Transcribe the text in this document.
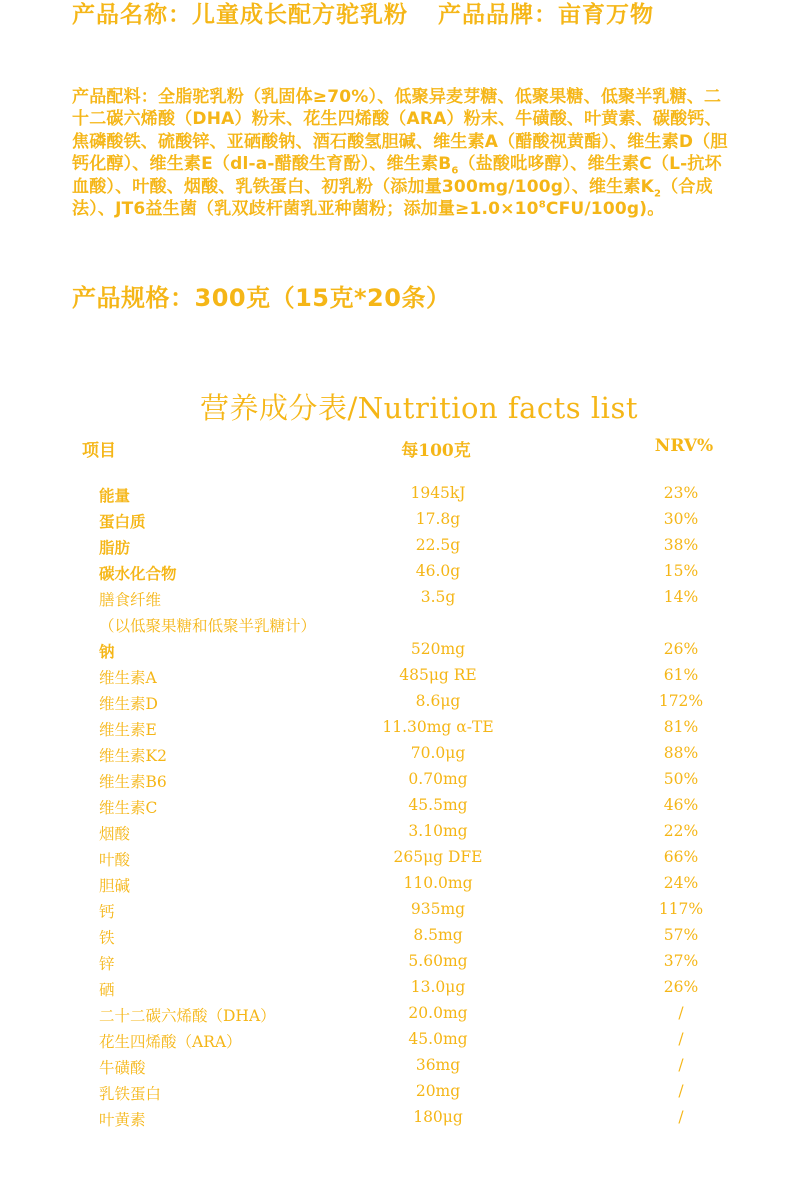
产品名称：儿童成长配方驼乳粉 产品品牌：亩育万物
产品配料：全脂驼乳粉（乳固体≥70%）、低聚异麦芽糖、低聚果糖、低聚半乳糖、二十二碳六烯酸（DHA）粉末、花生四烯酸（ARA）粉末、牛磺酸、叶黄素、碳酸钙、焦磷酸铁、硫酸锌、亚硒酸钠、酒石酸氢胆碱、维生素A（醋酸视黄酯）、维生素D（胆钙化醇）、维生素E（dl-a-醋酸生育酚）、维生素$B_6$（盐酸吡哆醇）、维生素C（L-抗坏血酸）、叶酸、烟酸、乳铁蛋白、初乳粉（添加量300mg/100g）、维生素$K_2$（合成法）、JT6益生菌（乳双歧杆菌乳亚种菌粉；添加量$\ge 1.0\times 10^8CFU/100g$)。
产品规格：300克（15克*20条）
营养成分表/Nutrition facts list
项目	每100克	NRV%
能量	1945kJ	23%
蛋白质	17.8g	30%
脂肪	22.5g	38%
碳水化合物	46.0g	15%
膳食纤维	3.5g	14%
（以低聚果糖和低聚半乳糖计）
钠	520mg	26%
维生素A	485μg RE	61%
维生素D	8.6μg	172%
维生素E	11.30mg α-TE	81%
维生素K2	70.0μg	88%
维生素B6	0.70mg	50%
维生素C	45.5mg	46%
烟酸	3.10mg	22%
叶酸	265μg DFE	66%
胆碱	110.0mg	24%
钙	935mg	117%
铁	8.5mg	57%
锌	5.60mg	37%
硒	13.0μg	26%
二十二碳六烯酸（DHA）	20.0mg	/
花生四烯酸（ARA）	45.0mg	/
牛磺酸	36mg	/
乳铁蛋白	20mg	/
叶黄素	180μg	/
